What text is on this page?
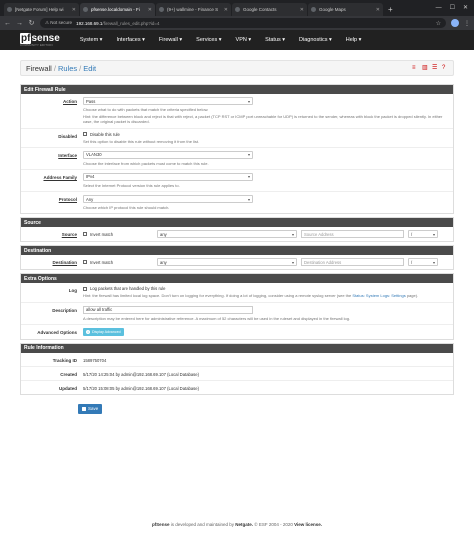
[Netgate Forum] Help wi ✕	pfsense.localdomain - Fi ✕	(9+) wallmine - Finance S ✕	Google Contacts	✕	Google Maps	✕	+	— ☐ ✕
← → ↻ ⚠ Not secure 192.168.69.1/firewall_rules_edit.php?id=4	☆	⋮
pfsense
COMMUNITY EDITION
System ▾	Interfaces ▾	Firewall ▾	Services ▾	VPN ▾	Status ▾	Diagnostics ▾	Help ▾
Firewall / Rules / Edit	≡	▥ ☰ ?
Edit Firewall Rule
Action	Pass	▾
Choose what to do with packets that match the criteria specified below.
Hint: the difference between block and reject is that with reject, a packet (TCP RST or ICMP port unreachable for UDP) is returned to the sender, whereas with block the packet is dropped silently. In either case, the original packet is discarded.
Disabled	Disable this rule
Set this option to disable this rule without removing it from the list.
Interface	VLAN30	▾
Choose the interface from which packets must come to match this rule.
Address Family	IPv4	▾
Select the Internet Protocol version this rule applies to.
Protocol	Any	▾
Choose which IP protocol this rule should match.
Source
Source	Invert match	any	▾	Source Address	/	▾
Destination
Destination	Invert match	any	▾	Destination Address	/	▾
Extra Options
Log	Log packets that are handled by this rule
Hint: the firewall has limited local log space. Don't turn on logging for everything. If doing a lot of logging, consider using a remote syslog server (see the Status: System Logs: Settings page).
Description	allow all traffic
A description may be entered here for administrative reference. A maximum of 52 characters will be used in the ruleset and displayed in the firewall log.
Advanced Options	i Display Advanced
Rule Information
Tracking ID	1589750704
Created	5/17/20 14:25:04 by admin@192.168.69.107 (Local Database)
Updated	5/17/20 15:08:05 by admin@192.168.69.107 (Local Database)
Save
pfSense is developed and maintained by Netgate. © ESF 2004 - 2020 View license.
